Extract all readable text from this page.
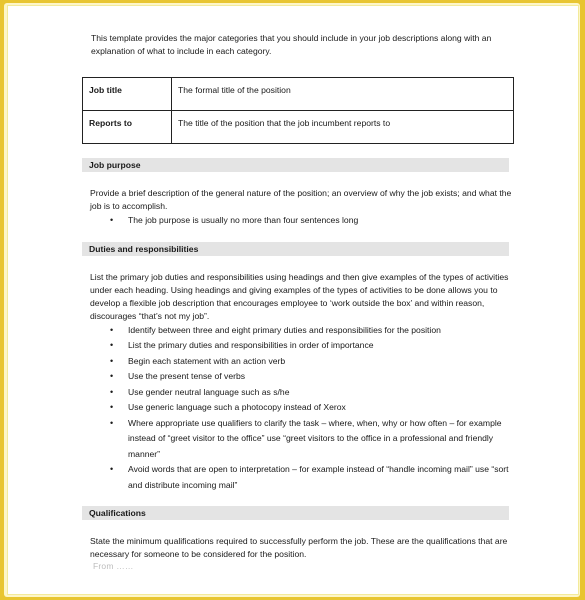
This template provides the major categories that you should include in your job descriptions along with an explanation of what to include in each category.

Job title	The formal title of the position
Reports to	The title of the position that the job incumbent reports to
Job purpose

Provide a brief description of the general nature of the position; an overview of why the job exists; and what the job is to accomplish.

• The job purpose is usually no more than four sentences long
Duties and responsibilities

List the primary job duties and responsibilities using headings and then give examples of the types of activities under each heading. Using headings and giving examples of the types of activities to be done allows you to develop a flexible job description that encourages employee to ‘work outside the box’ and within reason, discourages “that’s not my job”.

• Identify between three and eight primary duties and responsibilities for the position
• List the primary duties and responsibilities in order of importance
• Begin each statement with an action verb
• Use the present tense of verbs
• Use gender neutral language such as s/he
• Use generic language such a photocopy instead of Xerox
• Where appropriate use qualifiers to clarify the task – where, when, why or how often – for example instead of “greet visitor to the office” use “greet visitors to the office in a professional and friendly manner”
• Avoid words that are open to interpretation – for example instead of “handle incoming mail” use “sort and distribute incoming mail”
Qualifications

State the minimum qualifications required to successfully perform the job. These are the qualifications that are necessary for someone to be considered for the position.

From ……
